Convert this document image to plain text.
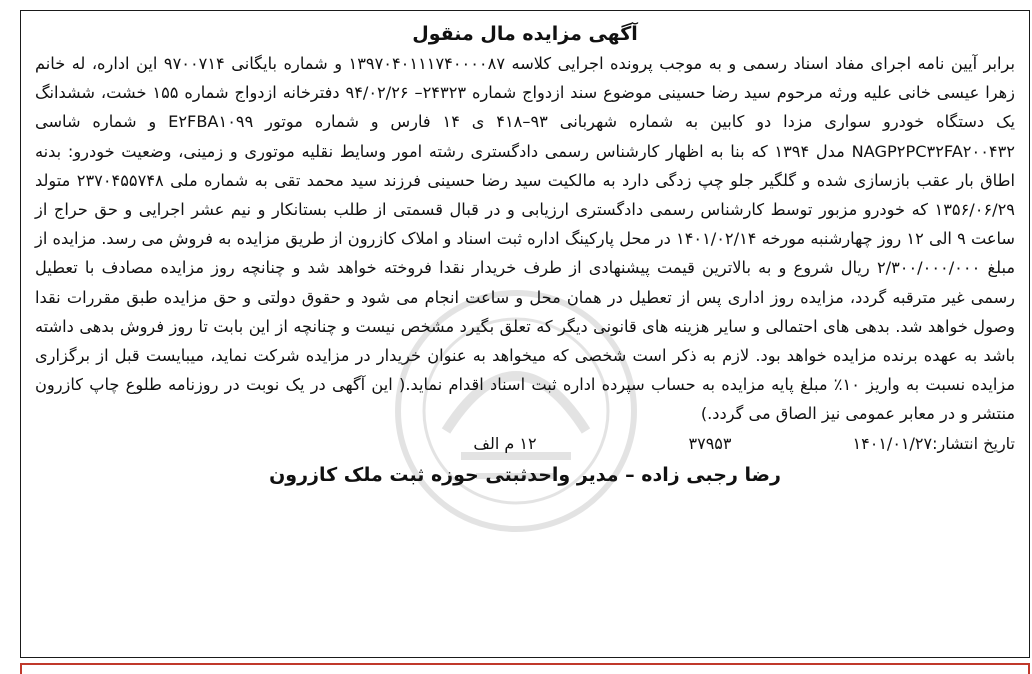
آگهی مزایده مال منقول
برابر آیین نامه اجرای مفاد اسناد رسمی و به موجب پرونده اجرایی کلاسه ۱۳۹۷۰۴۰۱۱۱۷۴۰۰۰۰۸۷ و شماره بایگانی ۹۷۰۰۷۱۴ این اداره، له خانم زهرا عیسی خانی علیه ورثه مرحوم سید رضا حسینی موضوع سند ازدواج شماره ۲۴۳۲۳– ۹۴/۰۲/۲۶ دفترخانه ازدواج شماره ۱۵۵ خشت، ششدانگ یک دستگاه خودرو سواری مزدا دو کابین به شماره شهربانی ۹۳–۴۱۸ ی ۱۴ فارس و شماره موتور E۲FBA۱۰۹۹ و شماره شاسی NAGP۲PC۳۲FA۲۰۰۴۳۲ مدل ۱۳۹۴ که بنا به اظهار کارشناس رسمی دادگستری رشته امور وسایط نقلیه موتوری و زمینی، وضعیت خودرو: بدنه اطاق بار عقب بازسازی شده و گلگیر جلو چپ زدگی دارد به مالکیت سید رضا حسینی فرزند سید محمد تقی به شماره ملی ۲۳۷۰۴۵۵۷۴۸ متولد ۱۳۵۶/۰۶/۲۹ که خودرو مزبور توسط کارشناس رسمی دادگستری ارزیابی و در قبال قسمتی از طلب بستانکار و نیم عشر اجرایی و حق حراج از ساعت ۹ الی ۱۲ روز چهارشنبه مورخه ۱۴۰۱/۰۲/۱۴ در محل پارکینگ اداره ثبت اسناد و املاک کازرون از طریق مزایده به فروش می رسد. مزایده از مبلغ ۲/۳۰۰/۰۰۰/۰۰۰ ریال شروع و به بالاترین قیمت پیشنهادی از طرف خریدار نقدا فروخته خواهد شد و چنانچه روز مزایده مصادف با تعطیل رسمی غیر مترقبه گردد، مزایده روز اداری پس از تعطیل در همان محل و ساعت انجام می شود و حقوق دولتی و حق مزایده طبق مقررات نقدا وصول خواهد شد. بدهی های احتمالی و سایر هزینه های قانونی دیگر که تعلق بگیرد مشخص نیست و چنانچه از این بابت تا روز فروش بدهی داشته باشد به عهده برنده مزایده خواهد بود. لازم به ذکر است شخصی که میخواهد به عنوان خریدار در مزایده شرکت نماید، میبایست قبل از برگزاری مزایده نسبت به واریز ۱۰٪ مبلغ پایه مزایده به حساب سپرده اداره ثبت اسناد اقدام نماید.( این آگهی در یک نوبت در روزنامه طلوع چاپ کازرون منتشر و در معابر عمومی نیز الصاق می گردد.)
تاریخ انتشار:۱۴۰۱/۰۱/۲۷
۳۷۹۵۳
۱۲ م الف
رضا رجبی زاده – مدیر واحدثبتی حوزه ثبت ملک کازرون
